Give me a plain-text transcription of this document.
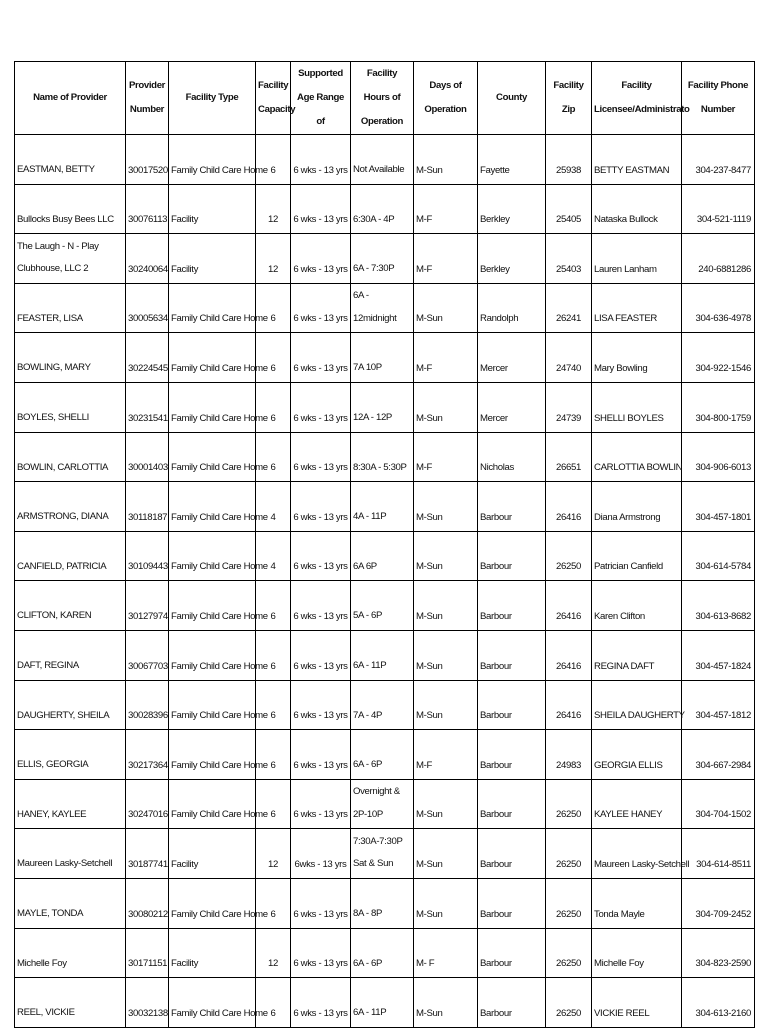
Name of Provider	Provider Number	Facility Type	Facility Capacity	Supported Age Range of	Facility Hours of Operation	Days of Operation	County	Facility Zip	Facility Licensee/Administrato	Facility Phone Number
EASTMAN, BETTY	30017520	Family Child Care Home	6	6 wks - 13 yrs	Not Available	M-Sun	Fayette	25938	BETTY EASTMAN	304-237-8477
Bullocks Busy Bees LLC	30076113	Facility	12	6 wks - 13 yrs	6:30A - 4P	M-F	Berkley	25405	Nataska Bullock	304-521-1119
The Laugh - N - Play Clubhouse, LLC 2	30240064	Facility	12	6 wks - 13 yrs	6A - 7:30P	M-F	Berkley	25403	Lauren Lanham	240-6881286
FEASTER, LISA	30005634	Family Child Care Home	6	6 wks - 13 yrs	6A - 12midnight	M-Sun	Randolph	26241	LISA FEASTER	304-636-4978
BOWLING, MARY	30224545	Family Child Care Home	6	6 wks - 13 yrs	7A 10P	M-F	Mercer	24740	Mary Bowling	304-922-1546
BOYLES, SHELLI	30231541	Family Child Care Home	6	6 wks - 13 yrs	12A - 12P	M-Sun	Mercer	24739	SHELLI BOYLES	304-800-1759
BOWLIN, CARLOTTIA	30001403	Family Child Care Home	6	6 wks - 13 yrs	8:30A - 5:30P	M-F	Nicholas	26651	CARLOTTIA BOWLIN	304-906-6013
ARMSTRONG, DIANA	30118187	Family Child Care Home	4	6 wks - 13 yrs	4A - 11P	M-Sun	Barbour	26416	Diana Armstrong	304-457-1801
CANFIELD, PATRICIA	30109443	Family Child Care Home	4	6 wks - 13 yrs	6A 6P	M-Sun	Barbour	26250	Patrician Canfield	304-614-5784
CLIFTON, KAREN	30127974	Family Child Care Home	6	6 wks - 13 yrs	5A - 6P	M-Sun	Barbour	26416	Karen Clifton	304-613-8682
DAFT, REGINA	30067703	Family Child Care Home	6	6 wks - 13 yrs	6A - 11P	M-Sun	Barbour	26416	REGINA DAFT	304-457-1824
DAUGHERTY, SHEILA	30028396	Family Child Care Home	6	6 wks - 13 yrs	7A - 4P	M-Sun	Barbour	26416	SHEILA DAUGHERTY	304-457-1812
ELLIS, GEORGIA	30217364	Family Child Care Home	6	6 wks - 13 yrs	6A - 6P	M-F	Barbour	24983	GEORGIA ELLIS	304-667-2984
HANEY, KAYLEE	30247016	Family Child Care Home	6	6 wks - 13 yrs	Overnight & 2P-10P	M-Sun	Barbour	26250	KAYLEE HANEY	304-704-1502
Maureen Lasky-Setchell	30187741	Facility	12	6wks - 13 yrs	7:30A-7:30P Sat & Sun	M-Sun	Barbour	26250	Maureen Lasky-Setchell	304-614-8511
MAYLE, TONDA	30080212	Family Child Care Home	6	6 wks - 13 yrs	8A - 8P	M-Sun	Barbour	26250	Tonda Mayle	304-709-2452
Michelle Foy	30171151	Facility	12	6 wks - 13 yrs	6A - 6P	M- F	Barbour	26250	Michelle Foy	304-823-2590
REEL, VICKIE	30032138	Family Child Care Home	6	6 wks - 13 yrs	6A - 11P	M-Sun	Barbour	26250	VICKIE REEL	304-613-2160
